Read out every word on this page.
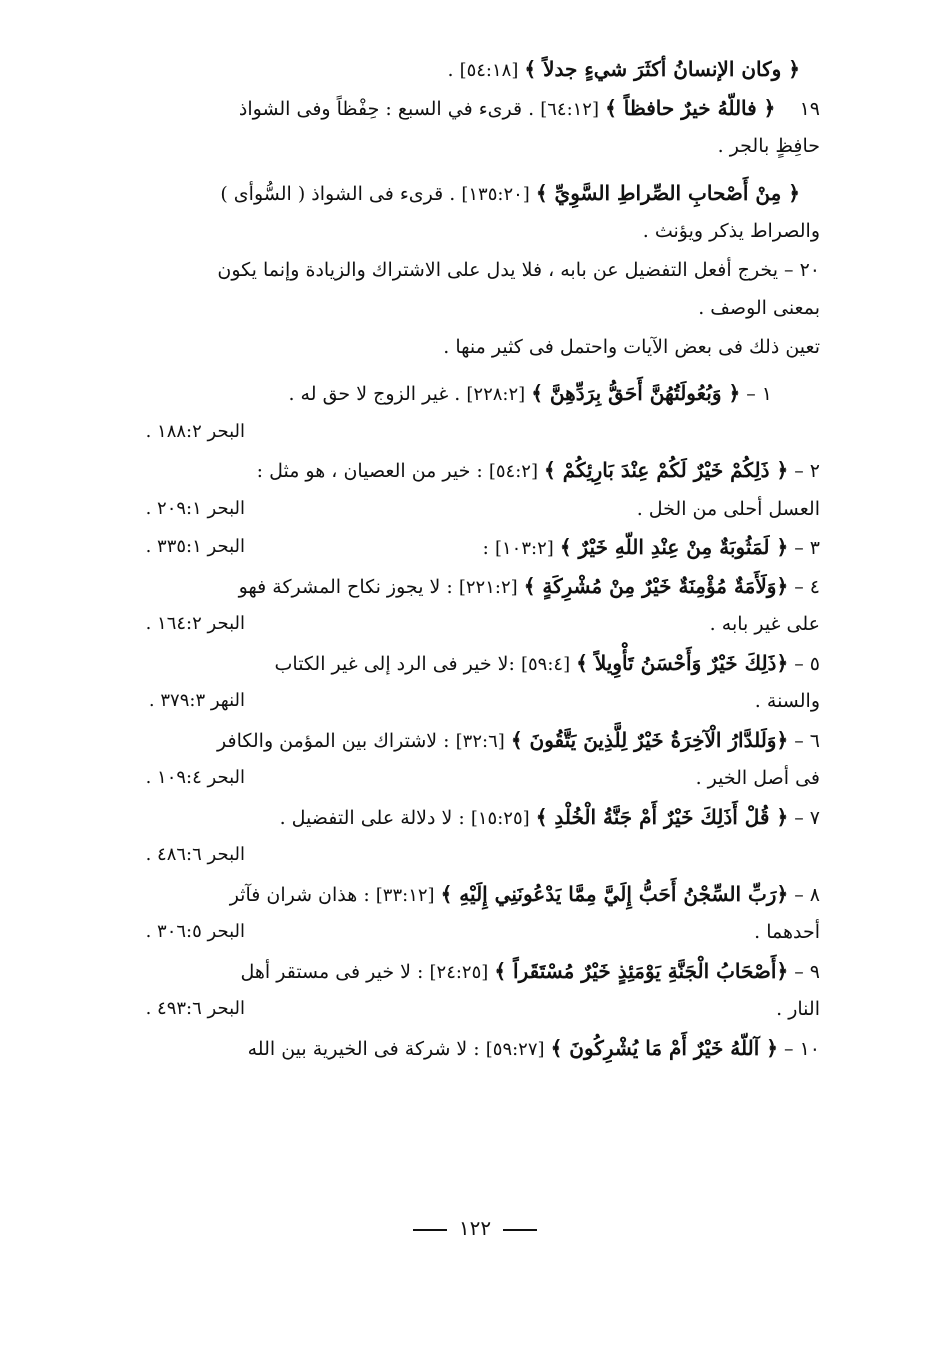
﴿ وكان الإنسانُ أكثَرَ شيءٍ جدلاً ﴾ [٥٤:١٨] .
١٩    ﴿ فاللّهُ خيرٌ حافظاً ﴾ [٦٤:١٢] . قرىء في السبع : حِفْظاً وفى الشواذ
حافِظٍ بالجر .
﴿ مِنْ أَصْحابِ الصِّراطِ السَّوِيِّ ﴾ [١٣٥:٢٠] . قرىء فى الشواذ ( السُّوأى )
والصراط يذكر ويؤنث .
٢٠ – يخرج أفعل التفضيل عن بابه ، فلا يدل على الاشتراك والزيادة وإنما يكون
بمعنى الوصف .
تعين ذلك فى بعض الآيات واحتمل فى كثير منها .
١ – ﴿ وَبُعُولَتُهُنَّ أَحَقُّ بِرَدِّهِنَّ ﴾ [٢٢٨:٢] . غير الزوج لا حق له .
البحر ١٨٨:٢ .
٢ – ﴿ ذَلِكُمْ خَيْرٌ لَكُمْ عِنْدَ بَارِئِكُمْ ﴾ [٥٤:٢] : خير من العصيان ، هو مثل :
العسل أحلى من الخل .
البحر ٢٠٩:١ .
٣ – ﴿ لَمَثُوبَةٌ مِنْ عِنْدِ اللّهِ خَيْرٌ ﴾ [١٠٣:٢] :
البحر ٣٣٥:١ .
٤ – ﴿وَلَأَمَةٌ مُؤْمِنَةٌ خَيْرٌ مِنْ مُشْرِكَةٍ ﴾ [٢٢١:٢] : لا يجوز نكاح المشركة فهو
على غير بابه .
البحر ١٦٤:٢ .
٥ – ﴿ذَلِكَ خَيْرٌ وَأَحْسَنُ تَأْوِيلاً ﴾ [٥٩:٤] :لا خير فى الرد إلى غير الكتاب
والسنة .
النهر ٣٧٩:٣ .
٦ – ﴿وَلَلدَّارُ الْآخِرَةُ خَيْرٌ لِلَّذِينَ يَتَّقُونَ ﴾ [٣٢:٦] : لاشتراك بين المؤمن والكافر
فى أصل الخير .
البحر ١٠٩:٤ .
٧ – ﴿ قُلْ أَذَلِكَ خَيْرٌ أَمْ جَنَّةُ الْخُلْدِ ﴾ [١٥:٢٥] : لا دلالة على التفضيل .
البحر ٤٨٦:٦ .
٨ – ﴿رَبِّ السِّجْنُ أَحَبُّ إِلَيَّ مِمَّا يَدْعُونَنِي إِلَيْهِ ﴾ [٣٣:١٢] : هذان شران فآثر
أحدهما .
البحر ٣٠٦:٥ .
٩ – ﴿أَصْحَابُ الْجَنَّةِ يَوْمَئِذٍ خَيْرٌ مُسْتَقَراً ﴾ [٢٤:٢٥] : لا خير فى مستقر أهل
النار .
البحر ٤٩٣:٦ .
١٠ – ﴿ آللّهُ خَيْرٌ أَمْ مَا يُشْرِكُونَ ﴾ [٥٩:٢٧] : لا شركة فى الخيرية بين الله
١٢٢
